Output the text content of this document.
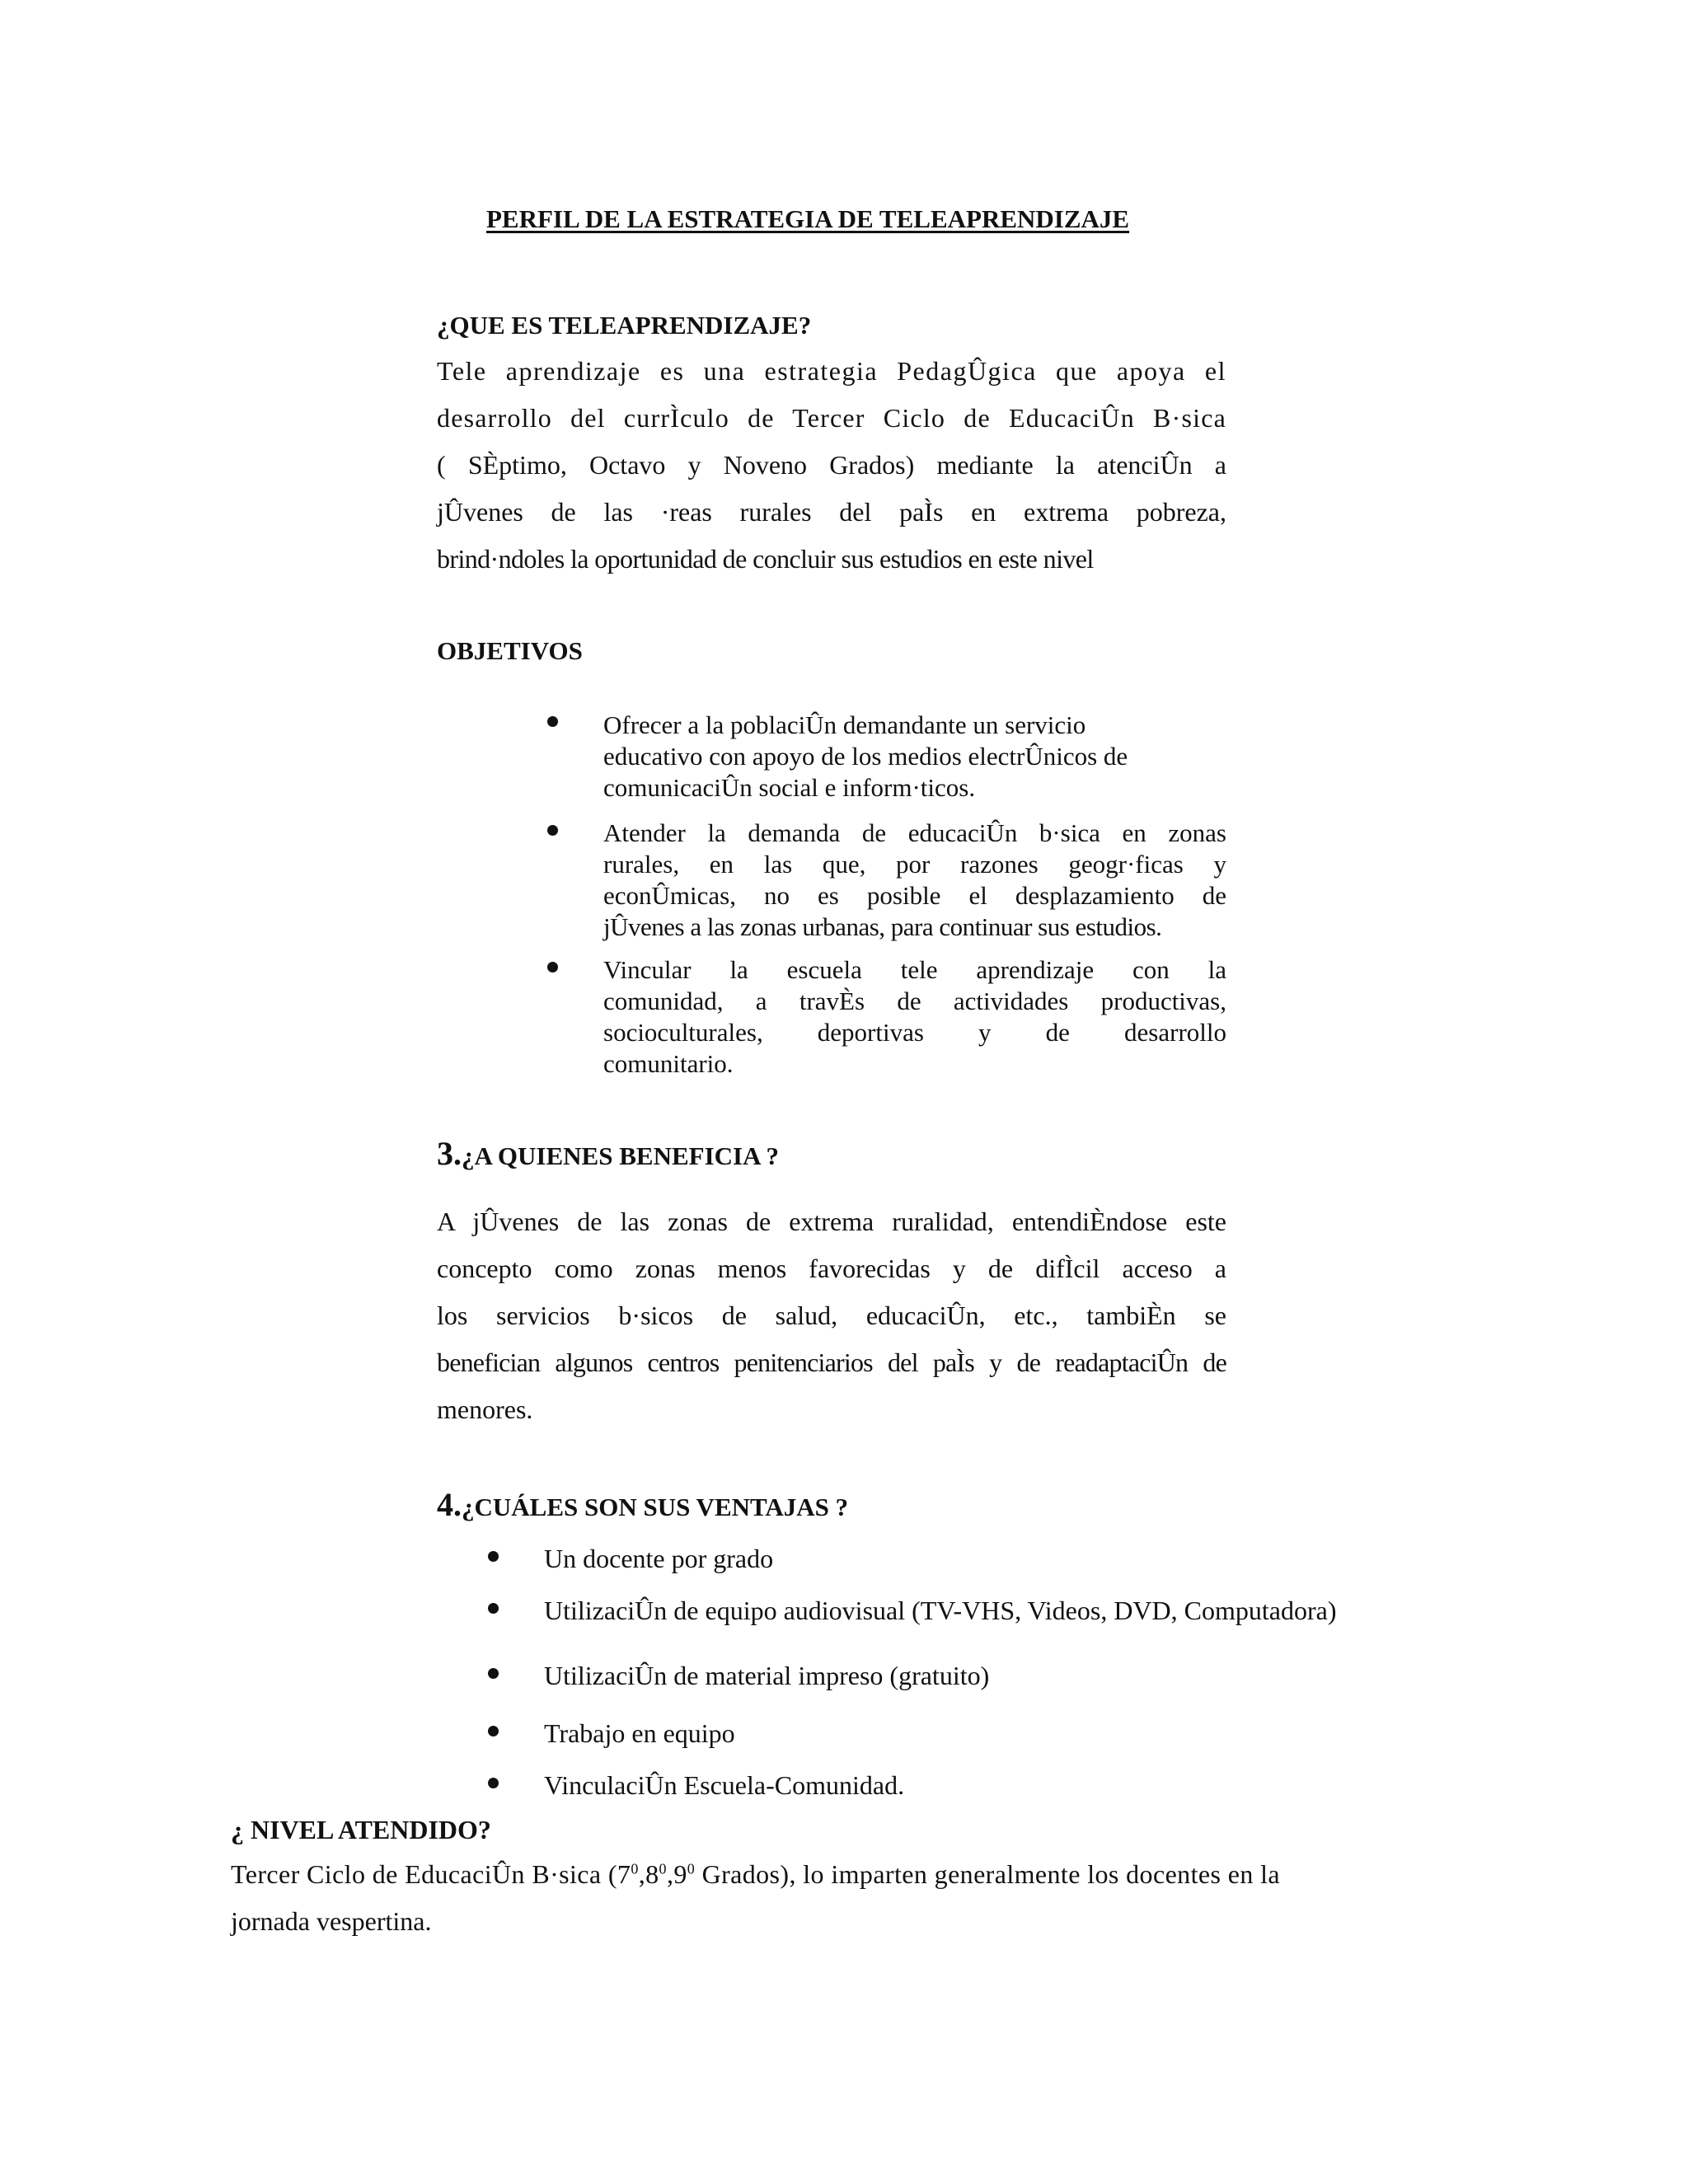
PERFIL DE LA ESTRATEGIA DE TELEAPRENDIZAJE
¿QUE ES TELEAPRENDIZAJE?
Tele aprendizaje es una estrategia PedagÛgica que apoya el
desarrollo del currÌculo de Tercer Ciclo de EducaciÛn B·sica
( SÈptimo, Octavo y Noveno Grados) mediante la atenciÛn a
jÛvenes de las ·reas rurales del paÌs en extrema pobreza,
brind·ndoles la oportunidad de concluir sus estudios en este nivel
OBJETIVOS
Ofrecer a la poblaciÛn demandante un servicio
educativo con apoyo de los medios electrÛnicos de
comunicaciÛn social e inform·ticos.
Atender la demanda de educaciÛn b·sica en zonas
rurales, en las que, por razones geogr·ficas y
econÛmicas, no es posible el desplazamiento de
jÛvenes a las zonas urbanas, para continuar sus estudios.
Vincular la escuela tele aprendizaje con la
comunidad, a travÈs de actividades productivas,
socioculturales, deportivas y de desarrollo
comunitario.
3.¿A QUIENES BENEFICIA ?
A jÛvenes de las zonas de extrema ruralidad, entendiÈndose este
concepto como zonas menos favorecidas y de difÌcil acceso a
los servicios b·sicos de salud, educaciÛn, etc., tambiÈn se
benefician algunos centros penitenciarios del paÌs y de readaptaciÛn de
menores.
4.¿CUÁLES SON SUS VENTAJAS ?
Un docente por grado
UtilizaciÛn de equipo audiovisual (TV-VHS, Videos, DVD, Computadora)
UtilizaciÛn de material impreso (gratuito)
Trabajo en equipo
VinculaciÛn Escuela-Comunidad.
¿ NIVEL ATENDIDO?
Tercer Ciclo de EducaciÛn B·sica ($7^0,8^0,9^0$ Grados), lo imparten generalmente los docentes en la
jornada vespertina.
